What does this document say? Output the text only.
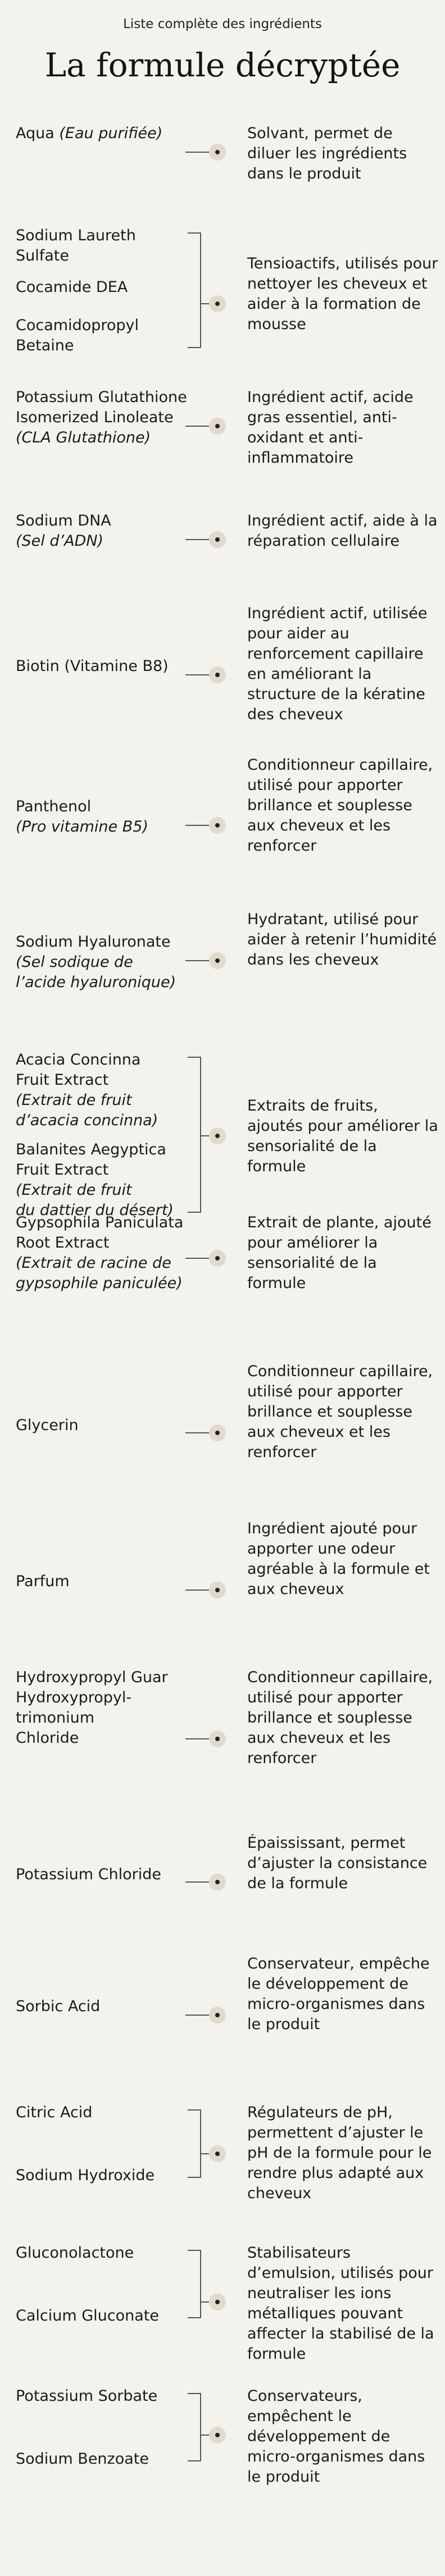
Liste complète des ingrédients
La formule décryptée
Aqua (Eau purifiée)	Solvant, permet de diluer les ingrédients dans le produit
Sodium Laureth
Sulfate
Cocamide DEA
Cocamidopropyl
Betaine
Tensioactifs, utilisés pour nettoyer les cheveux et aider à la formation de mousse
Potassium Glutathione
Isomerized Linoleate
(CLA Glutathione)
Ingrédient actif, acide gras essentiel, anti-oxidant et anti-inflammatoire
Sodium DNA
(Sel d’ADN)
Ingrédient actif, aide à la réparation cellulaire
Biotin (Vitamine B8)
Ingrédient actif, utilisée pour aider au renforcement capillaire en améliorant la structure de la kératine des cheveux
Panthenol
(Pro vitamine B5)
Conditionneur capillaire, utilisé pour apporter brillance et souplesse aux cheveux et les renforcer
Sodium Hyaluronate
(Sel sodique de
l’acide hyaluronique)
Hydratant, utilisé pour aider à retenir l’humidité dans les cheveux
Acacia Concinna
Fruit Extract
(Extrait de fruit
d’acacia concinna)
Balanites Aegyptica
Fruit Extract
(Extrait de fruit
du dattier du désert)
Extraits de fruits, ajoutés pour améliorer la sensorialité de la formule
Gypsophila Paniculata
Root Extract
(Extrait de racine de
gypsophile paniculée)
Extrait de plante, ajouté pour améliorer la sensorialité de la formule
Glycerin
Conditionneur capillaire, utilisé pour apporter brillance et souplesse aux cheveux et les renforcer
Parfum
Ingrédient ajouté pour apporter une odeur agréable à la formule et aux cheveux
Hydroxypropyl Guar
Hydroxypropyl-
trimonium
Chloride
Conditionneur capillaire, utilisé pour apporter brillance et souplesse aux cheveux et les renforcer
Potassium Chloride
Épaississant, permet d’ajuster la consistance de la formule
Sorbic Acid
Conservateur, empêche le développement de micro-organismes dans le produit
Citric Acid
Sodium Hydroxide
Régulateurs de pH, permettent d’ajuster le pH de la formule pour le rendre plus adapté aux cheveux
Gluconolactone
Calcium Gluconate
Stabilisateurs d’emulsion, utilisés pour neutraliser les ions métalliques pouvant affecter la stabilisé de la formule
Potassium Sorbate
Sodium Benzoate
Conservateurs, empêchent le développement de micro-organismes dans le produit
